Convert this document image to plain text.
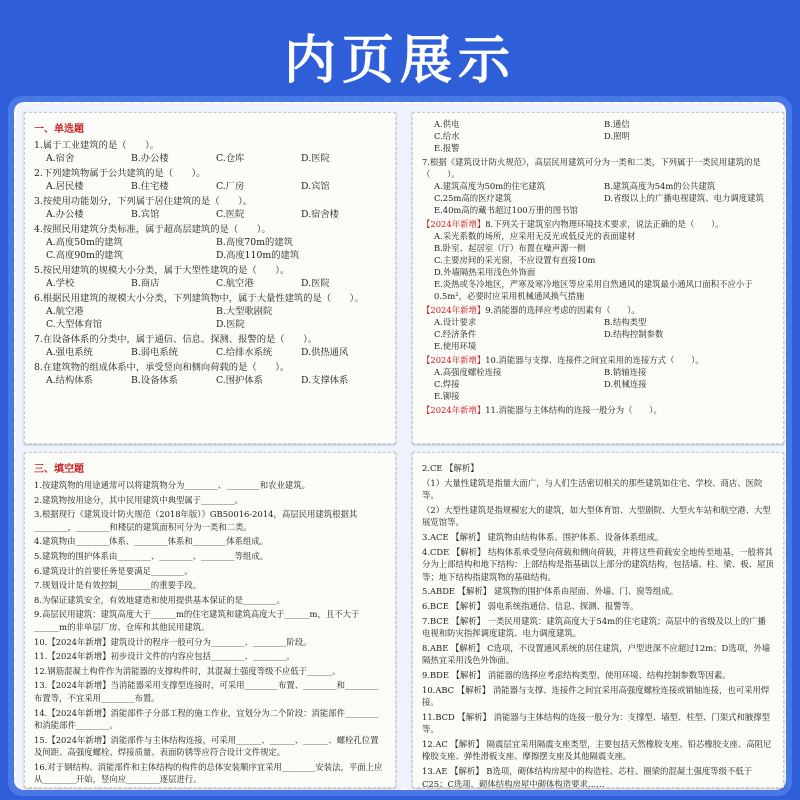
内页展示
一、单选题
1.属于工业建筑的是（　　）。
A.宿舍	B.办公楼	C.仓库	D.医院
2.下列建筑物属于公共建筑的是（　　）。
A.居民楼	B.住宅楼	C.厂房	D.宾馆
3.按使用功能划分，下列属于居住建筑的是（　　）。
A.办公楼	B.宾馆	C.医院	D.宿舍楼
4.按照民用建筑分类标准，属于超高层建筑的是（　　）。
A.高度50m的建筑	B.高度70m的建筑
C.高度90m的建筑	D.高度110m的建筑
5.按民用建筑的规模大小分类，属于大型性建筑的是（　　）。
A.学校	B.商店	C.航空港	D.医院
6.根据民用建筑的规模大小分类，下列建筑物中，属于大量性建筑的是（　　）。
A.航空港	B.大型歌剧院
C.大型体育馆	D.医院
7.在设备体系的分类中，属于通信、信息、探测、报警的是（　　）。
A.强电系统	B.弱电系统	C.给排水系统	D.供热通风
8.在建筑物的组成体系中，承受竖向和侧向荷载的是（　　）。
A.结构体系	B.设备体系	C.围护体系	D.支撑体系
A.供电	B.通信
C.给水	D.照明
E.报警
7.根据《建筑设计防火规范》，高层民用建筑可分为一类和二类，下列属于一类民用建筑的是（　　）。
A.建筑高度为50m的住宅建筑	B.建筑高度为54m的公共建筑
C.25m高的医疗建筑	D.省级以上的广播电视建筑、电力调度建筑
E.40m高的藏书超过100万册的图书馆
【2024年新增】8.下列关于建筑室内物理环境技术要求，说法正确的是（　　）。
A.采光系数的场所，应采用无反光或低反光的表面建材
B.卧室、起居室（厅）布置在噪声源一侧
C.主要房间的采光窗，不应设置有直接10m
D.外墙隔热采用浅色外饰面
E.炎热或冬冷地区，严寒及寒冷地区等应采用自然通风的建筑最小通风口面积不应小于0.5m²，必要时应采用机械通风换气措施
【2024年新增】9.消能器的选择应考虑的因素有（　　）。
A.设计要求	B.结构类型
C.经济条件	D.结构控制参数
E.使用环境
【2024年新增】10.消能器与支撑、连接件之间宜采用的连接方式（　　）。
A.高强度螺栓连接	B.销轴连接
C.焊接	D.机械连接
E.铆接
【2024年新增】11.消能器与主体结构的连接一般分为（　　）。
三、填空题
1.按建筑物的用途通常可以将建筑物分为________、________和农业建筑。
2.建筑物按用途分，其中民用建筑中典型属于________。
3.根据现行《建筑设计防火规范（2018年版）》GB50016-2014，高层民用建筑根据其________，________和楼层的建筑面积可分为一类和二类。
4.建筑物由________体系、________体系和________体系组成。
5.建筑物的围护体系由________、________、________等组成。
6.建筑设计的首要任务是要满足________。
7.规划设计是有效控制________的重要手段。
8.为保证建筑安全，有效地建造和使用提供基本保证的是________。
9.高层民用建筑：建筑高度大于______m的住宅建筑和建筑高度大于______m，且不大于______m的非单层厂房、仓库和其他民用建筑。
10.【2024年新增】建筑设计的程序一般可分为________、________阶段。
11.【2024年新增】初步设计文件的内容应包括________、________。
12.钢筋混凝土构件作为消能器的支撑构件时，其混凝土强度等级不应低于______。
13.【2024年新增】当消能器采用支撑型连接时，可采用________布置、________和________布置等，不宜采用________布置。
14.【2024年新增】消能部件子分部工程的施工作业，宜划分为二个阶段：消能部件________和消能部件________。
15.【2024年新增】消能部件与主体结构连接，可采用______、______、______、螺栓孔位置及间距、高强度螺栓、焊接质量、表面防锈等应符合设计文件规定。
16.对于钢结构、消能部件和主体结构的构件的总体安装顺序宜采用________安装法，平面上应从________开始，竖向应________逐层进行。
2.CE 【解析】
（1）大量性建筑是指量大面广，与人们生活密切相关的那些建筑如住宅、学校、商店、医院等。
（2）大型性建筑是指规模宏大的建筑，如大型体育馆、大型剧院、大型火车站和航空港、大型展览馆等。
3.ACE 【解析】 建筑物由结构体系、围护体系、设备体系组成。
4.CDE 【解析】 结构体系承受竖向荷载和侧向荷载，并将这些荷载安全地传至地基，一般将其分为上部结构和地下结构：上部结构是指基础以上部分的建筑结构，包括墙、柱、梁、板、屋顶等；地下结构指建筑物的基础结构。
5.ABDE 【解析】 建筑物的围护体系由屋面、外墙、门、窗等组成。
6.BCE 【解析】 弱电系统指通信、信息、探测、报警等。
7.BCE 【解析】 一类民用建筑：建筑高度大于54m的住宅建筑；高层中的省级及以上的广播电视和防灾指挥调度建筑、电力调度建筑。
8.ABE 【解析】 C选项，不设置通风系统的居住建筑，户型进深不应超过12m；D选项，外墙隔热宜采用浅色外饰面。
9.BDE 【解析】 消能器的选择应考虑结构类型、使用环境、结构控制参数等因素。
10.ABC 【解析】 消能器与支撑、连接件之间宜采用高强度螺栓连接或销轴连接，也可采用焊接。
11.BCD 【解析】 消能器与主体结构的连接一般分为：支撑型、墙型、柱型、门架式和腋撑型等。
12.AC 【解析】 隔震层宜采用隔震支座类型，主要包括天然橡胶支座、铅芯橡胶支座、高阻尼橡胶支座、弹性滑板支座、摩擦摆支座及其他隔震支座。
13.AE 【解析】 B选项，砌体结构房屋中的构造柱、芯柱、圈梁的混凝土强度等级不低于C25；C选项，砌体结构房屋中砌体构造要求……
